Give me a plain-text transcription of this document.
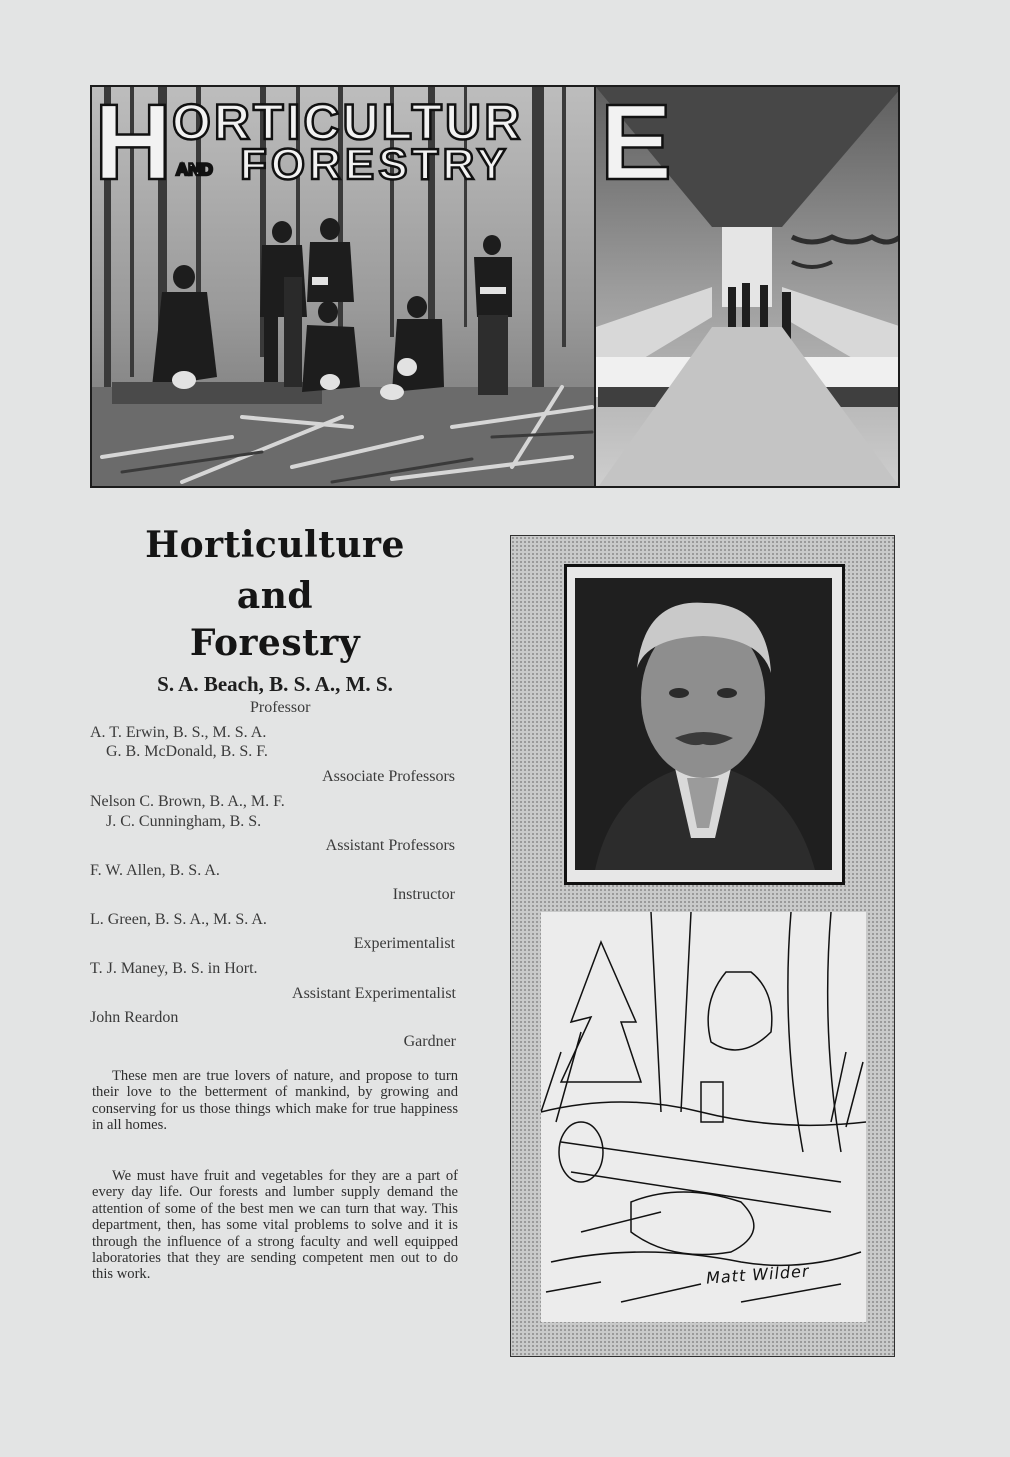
H ORTICULTUR E
AND FORESTRY
Horticulture
and
Forestry
S. A. Beach, B. S. A., M. S.
Professor
A. T. Erwin, B. S., M. S. A.
G. B. McDonald, B. S. F.
Associate Professors
Nelson C. Brown, B. A., M. F.
J. C. Cunningham, B. S.
Assistant Professors
F. W. Allen, B. S. A.
Instructor
L. Green, B. S. A., M. S. A.
Experimentalist
T. J. Maney, B. S. in Hort.
Assistant Experimentalist
John Reardon
Gardner

These men are true lovers of nature, and propose to turn their love to the betterment of mankind, by growing and conserving for us those things which make for true happiness in all homes.

We must have fruit and vegetables for they are a part of every day life. Our forests and lumber supply demand the attention of some of the best men we can turn that way. This department, then, has some vital problems to solve and it is through the influence of a strong faculty and well equipped laboratories that they are sending competent men out to do this work.	Matt Wilder
